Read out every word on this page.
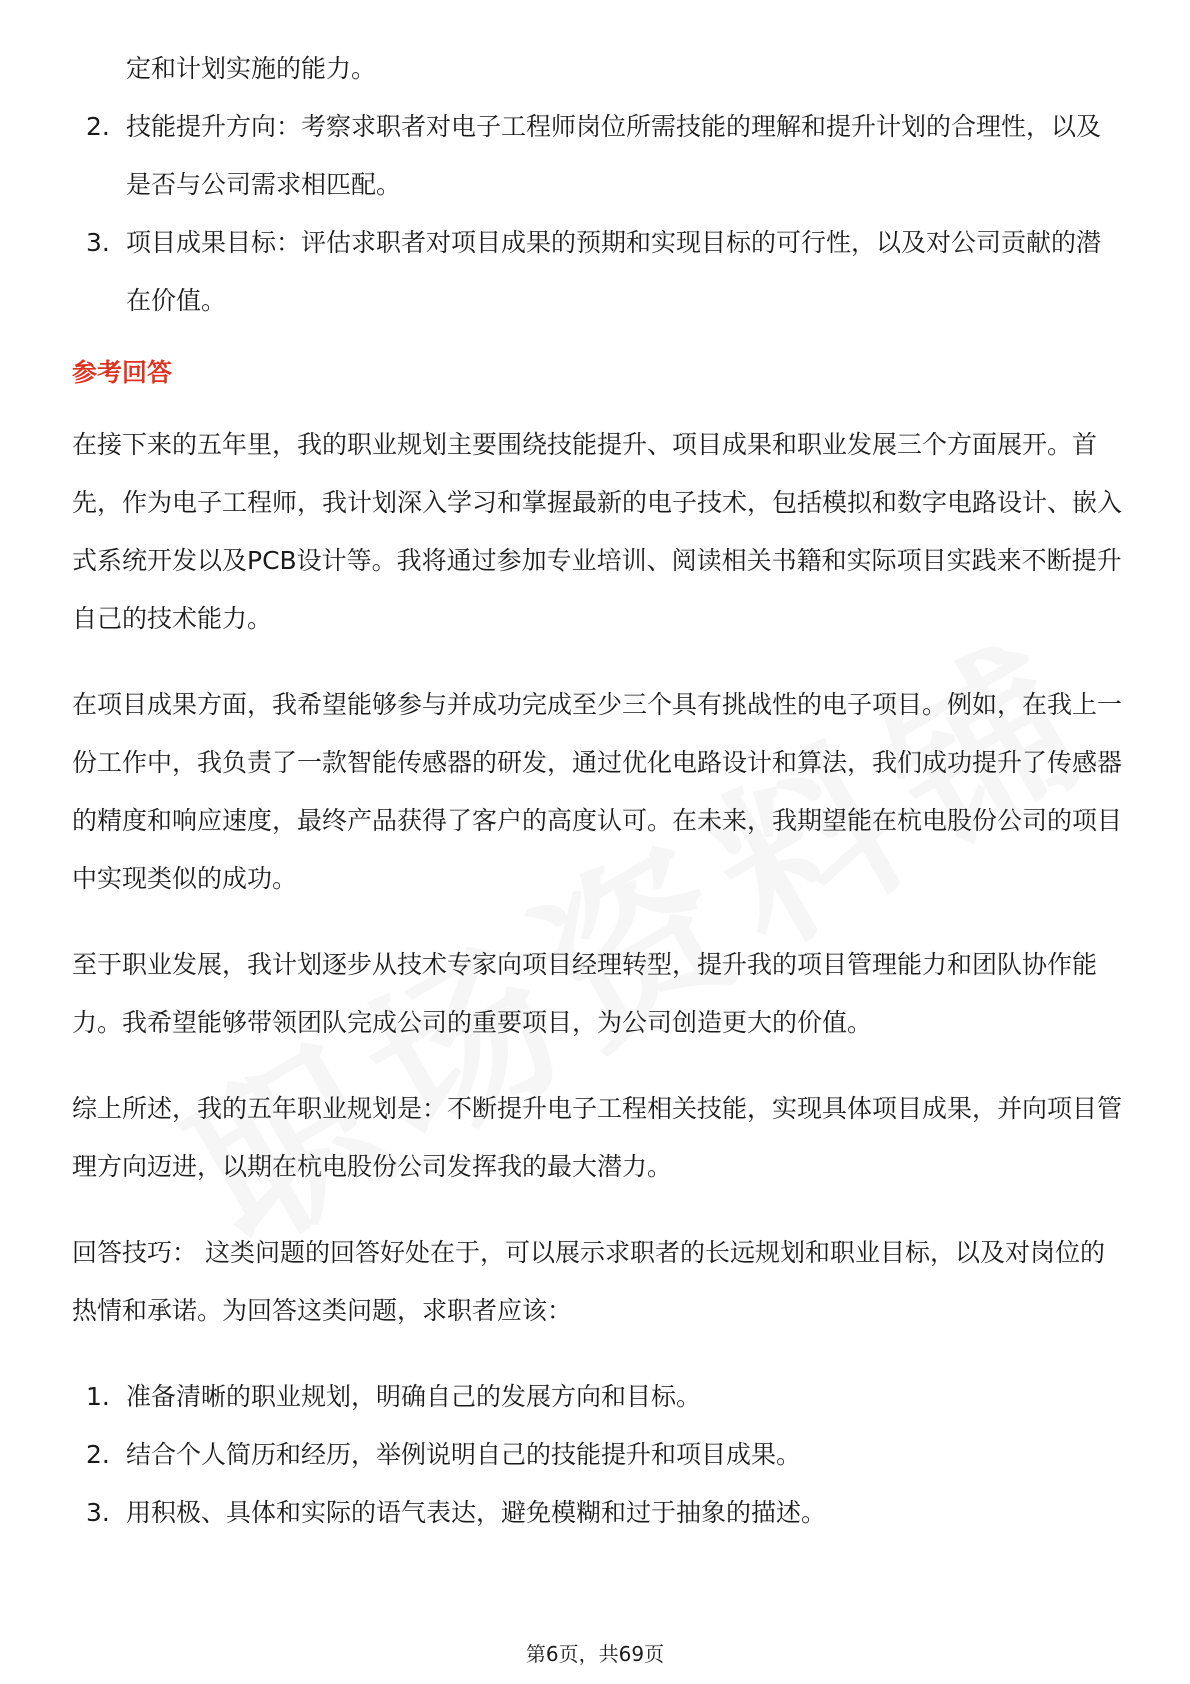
定和计划实施的能力。
2. 技能提升方向：考察求职者对电子工程师岗位所需技能的理解和提升计划的合理性，以及是否与公司需求相匹配。
3. 项目成果目标：评估求职者对项目成果的预期和实现目标的可行性，以及对公司贡献的潜在价值。
参考回答

在接下来的五年里，我的职业规划主要围绕技能提升、项目成果和职业发展三个方面展开。首先，作为电子工程师，我计划深入学习和掌握最新的电子技术，包括模拟和数字电路设计、嵌入式系统开发以及PCB设计等。我将通过参加专业培训、阅读相关书籍和实际项目实践来不断提升自己的技术能力。

在项目成果方面，我希望能够参与并成功完成至少三个具有挑战性的电子项目。例如，在我上一份工作中，我负责了一款智能传感器的研发，通过优化电路设计和算法，我们成功提升了传感器的精度和响应速度，最终产品获得了客户的高度认可。在未来，我期望能在杭电股份公司的项目中实现类似的成功。

至于职业发展，我计划逐步从技术专家向项目经理转型，提升我的项目管理能力和团队协作能力。我希望能够带领团队完成公司的重要项目，为公司创造更大的价值。

综上所述，我的五年职业规划是：不断提升电子工程相关技能，实现具体项目成果，并向项目管理方向迈进，以期在杭电股份公司发挥我的最大潜力。

回答技巧： 这类问题的回答好处在于，可以展示求职者的长远规划和职业目标，以及对岗位的热情和承诺。为回答这类问题，求职者应该：

1. 准备清晰的职业规划，明确自己的发展方向和目标。
2. 结合个人简历和经历，举例说明自己的技能提升和项目成果。
3. 用积极、具体和实际的语气表达，避免模糊和过于抽象的描述。
第6页，共69页
